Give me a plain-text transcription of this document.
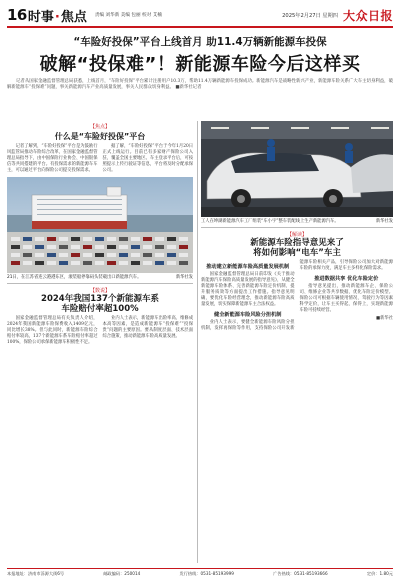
16 时事·焦点 责编 刘华新 美编 包丽 校对 艾楠	2025年2月27日 星期四 大众日报
“车险好投保”平台上线首月 助11.4万辆新能源车投保
破解“投保难”！新能源车险今后这样买
记者从国家金融监督管理总局获悉，上线首月，“车险好投保”平台累计注册用户10.3万，帮助11.4万辆新能源车投保成功。新能源汽车是战略性新兴产业，新能源车险关系广大车主切身利益，破解新能源车“投保难”问题，事关新能源汽车产业高质量发展，事关人民群众切身利益。 ■新华社记者
【焦点】
什么是“车险好投保”平台

记者了解到，“车险好投保”平台是为鼓励行风监管局推动车险综合改革，在国家金融监督管理总局指导下，由中国保险行业协会、中国银保信等共同搭建的平台。有投保需求的新能源车车主，可以通过平台向保险公司提交投保需求。

据了解，“车险好投保”平台于今年1月20日正式上线运行。目前已有多家财产保险公司入驻，覆盖全国主要地区。车主登录平台后，可按照提示上传行驶证等信息，平台将及时分配承保公司。

21日，在江苏省连云港港东区，滚装船停靠码头装载出口新能源汽车。	新华社发
【数说】
2024年我国137个新能源车系
车险赔付率超100%

国家金融监督管理总局有关负责人介绍，2024年我国新能源车险保费收入1409亿元，同比增长38%。但与此同时，新能源车险综合赔付率较高，137个新能源车系车险赔付率超过100%，保险公司承保新能源车积极性不足。

业内人士表示，新能源车出险率高、维修成本高等因素，是造成新能源车“投保难”“投保贵”问题的主要原因。要从制度层面、技术层面综合施策，推动新能源车险高质量发展。

工人在坤湖新能源汽车工厂组装“车小宇”整车装配线上生产新能源汽车。	新华社发
【解读】
新能源车险指导意见来了
将如何影响“电车”车主
推动建立新能源车险高质量发展机制
国家金融监督管理总局日前印发《关于推动新能源汽车保险高质量发展的指导意见》，从健全新能源车险体系、完善新能源车险定价机制、提升服务质效等方面提出工作措施。指导意见明确，要优化车险经营理念，推动新能源车险高质量发展，切实保障新能源车主合法权益。
健全新能源车险风险分担机制
业内人士表示，要健全新能源车险风险分担机制，发挥再保险等作用，支持保险公司开发新能源车险相关产品，引导保险公司加大对新能源车险的承保力度，满足车主多样化保险需求。
推进数据共享 优化车险定价
指导意见提出，推动新能源车企、保险公司、维修企业等共享数据，优化车险定价模型。保险公司可根据车辆使用情况、驾驶行为等因素科学定价，让车主买得起、保得上，实现新能源车险可持续经营。
■新华社
本报地址：济南市泺源大街6号	邮政编码：250014	发行热线：0531-85193999	广告热线：0531-85193666	定价：1.80元
